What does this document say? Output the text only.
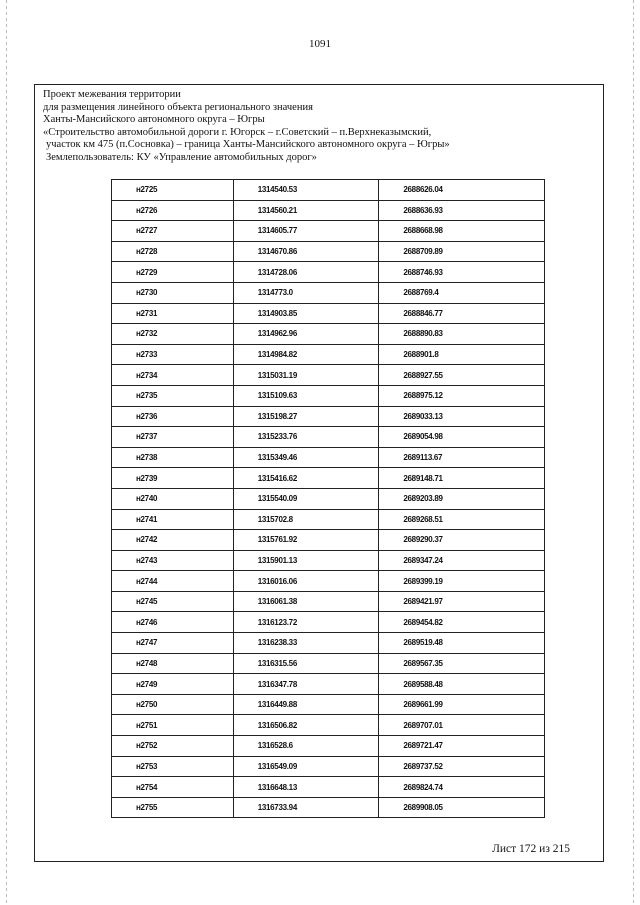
1091
Проект межевания территории
для размещения линейного объекта регионального значения
Ханты-Мансийского автономного округа – Югры
«Строительство автомобильной дороги г. Югорск – г.Советский – п.Верхнеказымский,
участок км 475 (п.Сосновка) – граница Ханты-Мансийского автономного округа – Югры»
Землепользователь: КУ «Управление автомобильных дорог»
н2725	1314540.53	2688626.04
н2726	1314560.21	2688636.93
н2727	1314605.77	2688668.98
н2728	1314670.86	2688709.89
н2729	1314728.06	2688746.93
н2730	1314773.0	2688769.4
н2731	1314903.85	2688846.77
н2732	1314962.96	2688890.83
н2733	1314984.82	2688901.8
н2734	1315031.19	2688927.55
н2735	1315109.63	2688975.12
н2736	1315198.27	2689033.13
н2737	1315233.76	2689054.98
н2738	1315349.46	2689113.67
н2739	1315416.62	2689148.71
н2740	1315540.09	2689203.89
н2741	1315702.8	2689268.51
н2742	1315761.92	2689290.37
н2743	1315901.13	2689347.24
н2744	1316016.06	2689399.19
н2745	1316061.38	2689421.97
н2746	1316123.72	2689454.82
н2747	1316238.33	2689519.48
н2748	1316315.56	2689567.35
н2749	1316347.78	2689588.48
н2750	1316449.88	2689661.99
н2751	1316506.82	2689707.01
н2752	1316528.6	2689721.47
н2753	1316549.09	2689737.52
н2754	1316648.13	2689824.74
н2755	1316733.94	2689908.05
Лист 172 из 215
